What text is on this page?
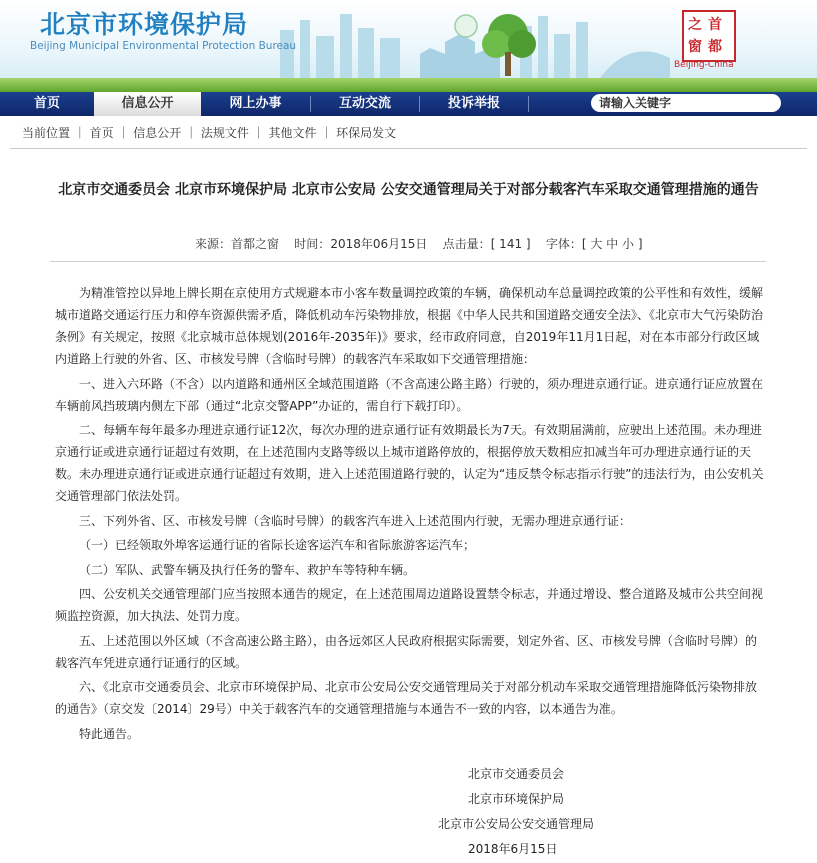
北京市环境保护局
Beijing Municipal Environmental Protection Bureau
首
都
之
窗
Beijing-China
首页	信息公开	网上办事	互动交流	投诉举报	请输入关键字
当前位置 ｜ 首页 ｜ 信息公开 ｜ 法规文件 ｜ 其他文件 ｜ 环保局发文
北京市交通委员会 北京市环境保护局 北京市公安局 公安交通管理局关于对部分载客汽车采取交通管理措施的通告
来源：首都之窗 时间：2018年06月15日 点击量：[ 141 ] 字体：[ 大 中 小 ]

为精准管控以异地上牌长期在京使用方式规避本市小客车数量调控政策的车辆，确保机动车总量调控政策的公平性和有效性，缓解城市道路交通运行压力和停车资源供需矛盾，降低机动车污染物排放，根据《中华人民共和国道路交通安全法》、《北京市大气污染防治条例》有关规定，按照《北京城市总体规划(2016年-2035年)》要求，经市政府同意，自2019年11月1日起，对在本市部分行政区域内道路上行驶的外省、区、市核发号牌（含临时号牌）的载客汽车采取如下交通管理措施：

一、进入六环路（不含）以内道路和通州区全域范围道路（不含高速公路主路）行驶的，须办理进京通行证。进京通行证应放置在车辆前风挡玻璃内侧左下部（通过“北京交警APP”办证的，需自行下载打印）。

二、每辆车每年最多办理进京通行证12次，每次办理的进京通行证有效期最长为7天。有效期届满前，应驶出上述范围。未办理进京通行证或进京通行证超过有效期，在上述范围内支路等级以上城市道路停放的，根据停放天数相应扣减当年可办理进京通行证的天数。未办理进京通行证或进京通行证超过有效期，进入上述范围道路行驶的，认定为“违反禁令标志指示行驶”的违法行为，由公安机关交通管理部门依法处罚。

三、下列外省、区、市核发号牌（含临时号牌）的载客汽车进入上述范围内行驶，无需办理进京通行证：

（一）已经领取外埠客运通行证的省际长途客运汽车和省际旅游客运汽车；

（二）军队、武警车辆及执行任务的警车、救护车等特种车辆。

四、公安机关交通管理部门应当按照本通告的规定，在上述范围周边道路设置禁令标志，并通过增设、整合道路及城市公共空间视频监控资源，加大执法、处罚力度。

五、上述范围以外区域（不含高速公路主路），由各远郊区人民政府根据实际需要，划定外省、区、市核发号牌（含临时号牌）的载客汽车凭进京通行证通行的区域。

六、《北京市交通委员会、北京市环境保护局、北京市公安局公安交通管理局关于对部分机动车采取交通管理措施降低污染物排放的通告》（京交发〔2014〕29号）中关于载客汽车的交通管理措施与本通告不一致的内容，以本通告为准。

特此通告。

北京市交通委员会
北京市环境保护局
北京市公安局公安交通管理局
2018年6月15日
